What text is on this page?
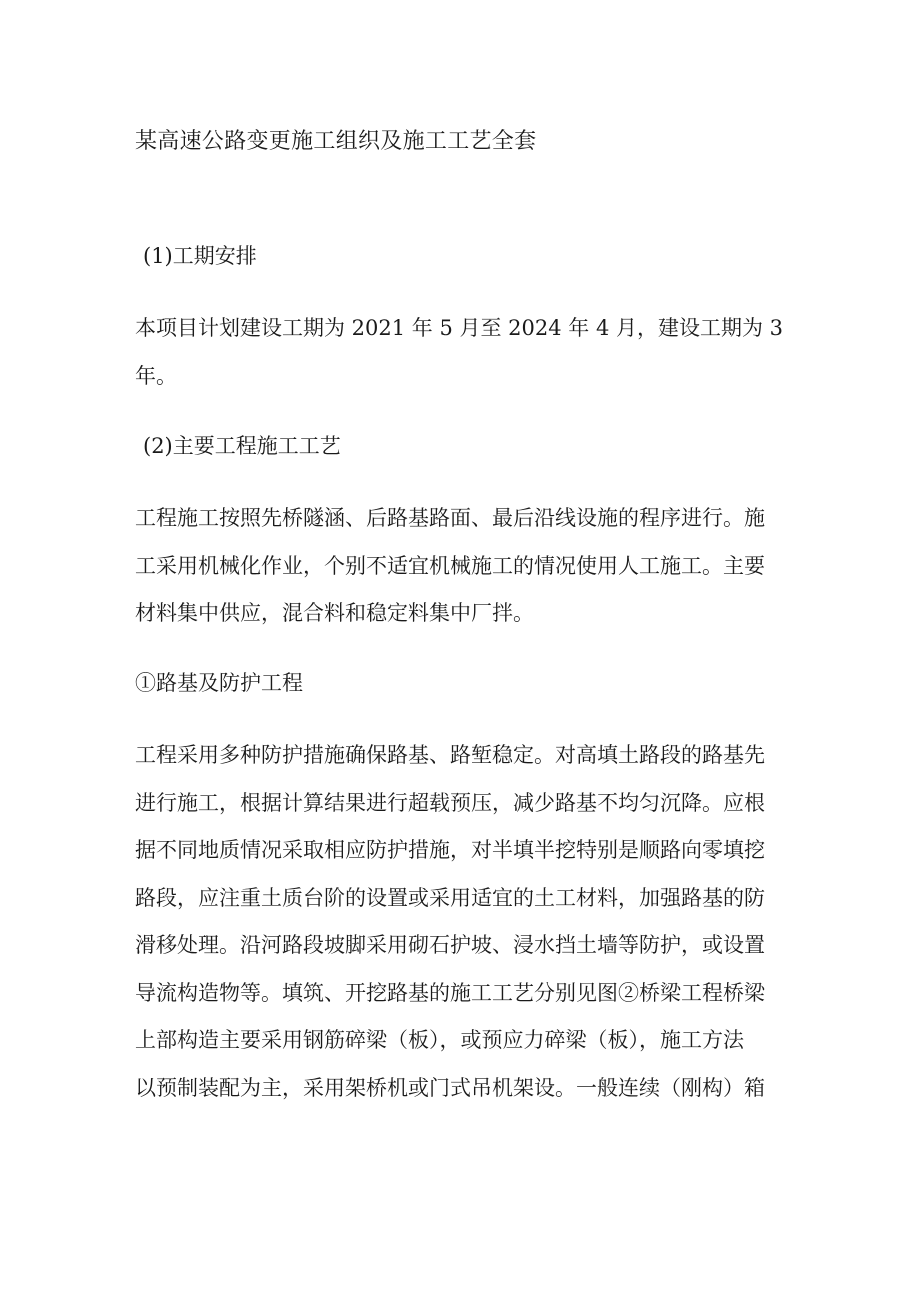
某高速公路变更施工组织及施工工艺全套
(1)工期安排
本项目计划建设工期为 2021 年 5 月至 2024 年 4 月，建设工期为 3
年。
(2)主要工程施工工艺
工程施工按照先桥隧涵、后路基路面、最后沿线设施的程序进行。施
工采用机械化作业，个别不适宜机械施工的情况使用人工施工。主要
材料集中供应，混合料和稳定料集中厂拌。
①路基及防护工程
工程采用多种防护措施确保路基、路堑稳定。对高填土路段的路基先
进行施工，根据计算结果进行超载预压，减少路基不均匀沉降。应根
据不同地质情况采取相应防护措施，对半填半挖特别是顺路向零填挖
路段，应注重土质台阶的设置或采用适宜的土工材料，加强路基的防
滑移处理。沿河路段坡脚采用砌石护坡、浸水挡土墙等防护，或设置
导流构造物等。填筑、开挖路基的施工工艺分别见图②桥梁工程桥梁
上部构造主要采用钢筋碎梁（板），或预应力碎梁（板），施工方法
以预制装配为主，采用架桥机或门式吊机架设。一般连续（刚构）箱
